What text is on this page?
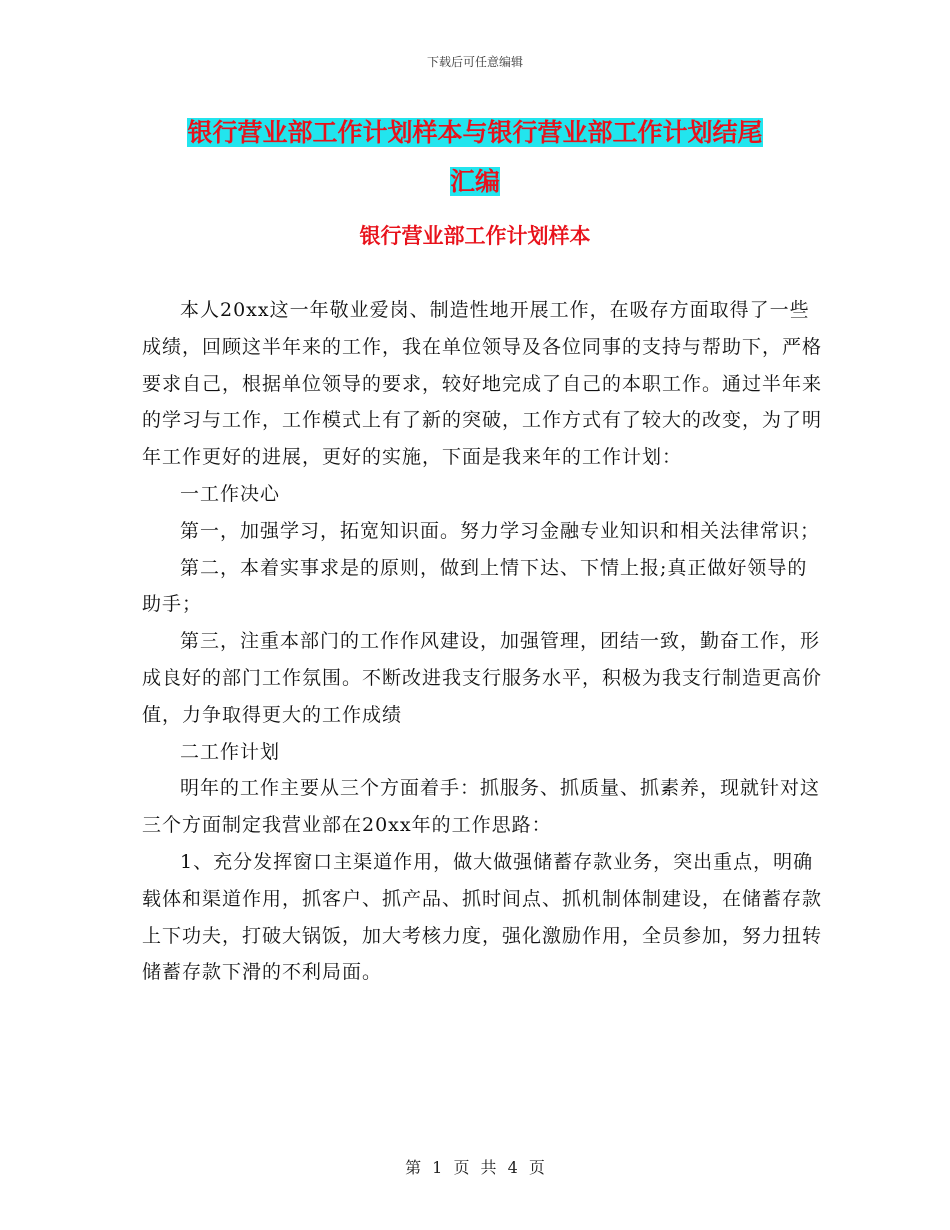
下载后可任意编辑
银行营业部工作计划样本与银行营业部工作计划结尾
汇编
银行营业部工作计划样本

本人20xx这一年敬业爱岗、制造性地开展工作，在吸存方面取得了一些成绩，回顾这半年来的工作，我在单位领导及各位同事的支持与帮助下，严格要求自己，根据单位领导的要求，较好地完成了自己的本职工作。通过半年来的学习与工作，工作模式上有了新的突破，工作方式有了较大的改变，为了明年工作更好的进展，更好的实施，下面是我来年的工作计划：

一工作决心

第一，加强学习，拓宽知识面。努力学习金融专业知识和相关法律常识；

第二，本着实事求是的原则，做到上情下达、下情上报;真正做好领导的助手；

第三，注重本部门的工作作风建设，加强管理，团结一致，勤奋工作，形成良好的部门工作氛围。不断改进我支行服务水平，积极为我支行制造更高价值，力争取得更大的工作成绩

二工作计划

明年的工作主要从三个方面着手：抓服务、抓质量、抓素养，现就针对这三个方面制定我营业部在20xx年的工作思路：

1、充分发挥窗口主渠道作用，做大做强储蓄存款业务，突出重点，明确载体和渠道作用，抓客户、抓产品、抓时间点、抓机制体制建设，在储蓄存款上下功夫，打破大锅饭，加大考核力度，强化激励作用，全员参加，努力扭转储蓄存款下滑的不利局面。

第 1 页 共 4 页
